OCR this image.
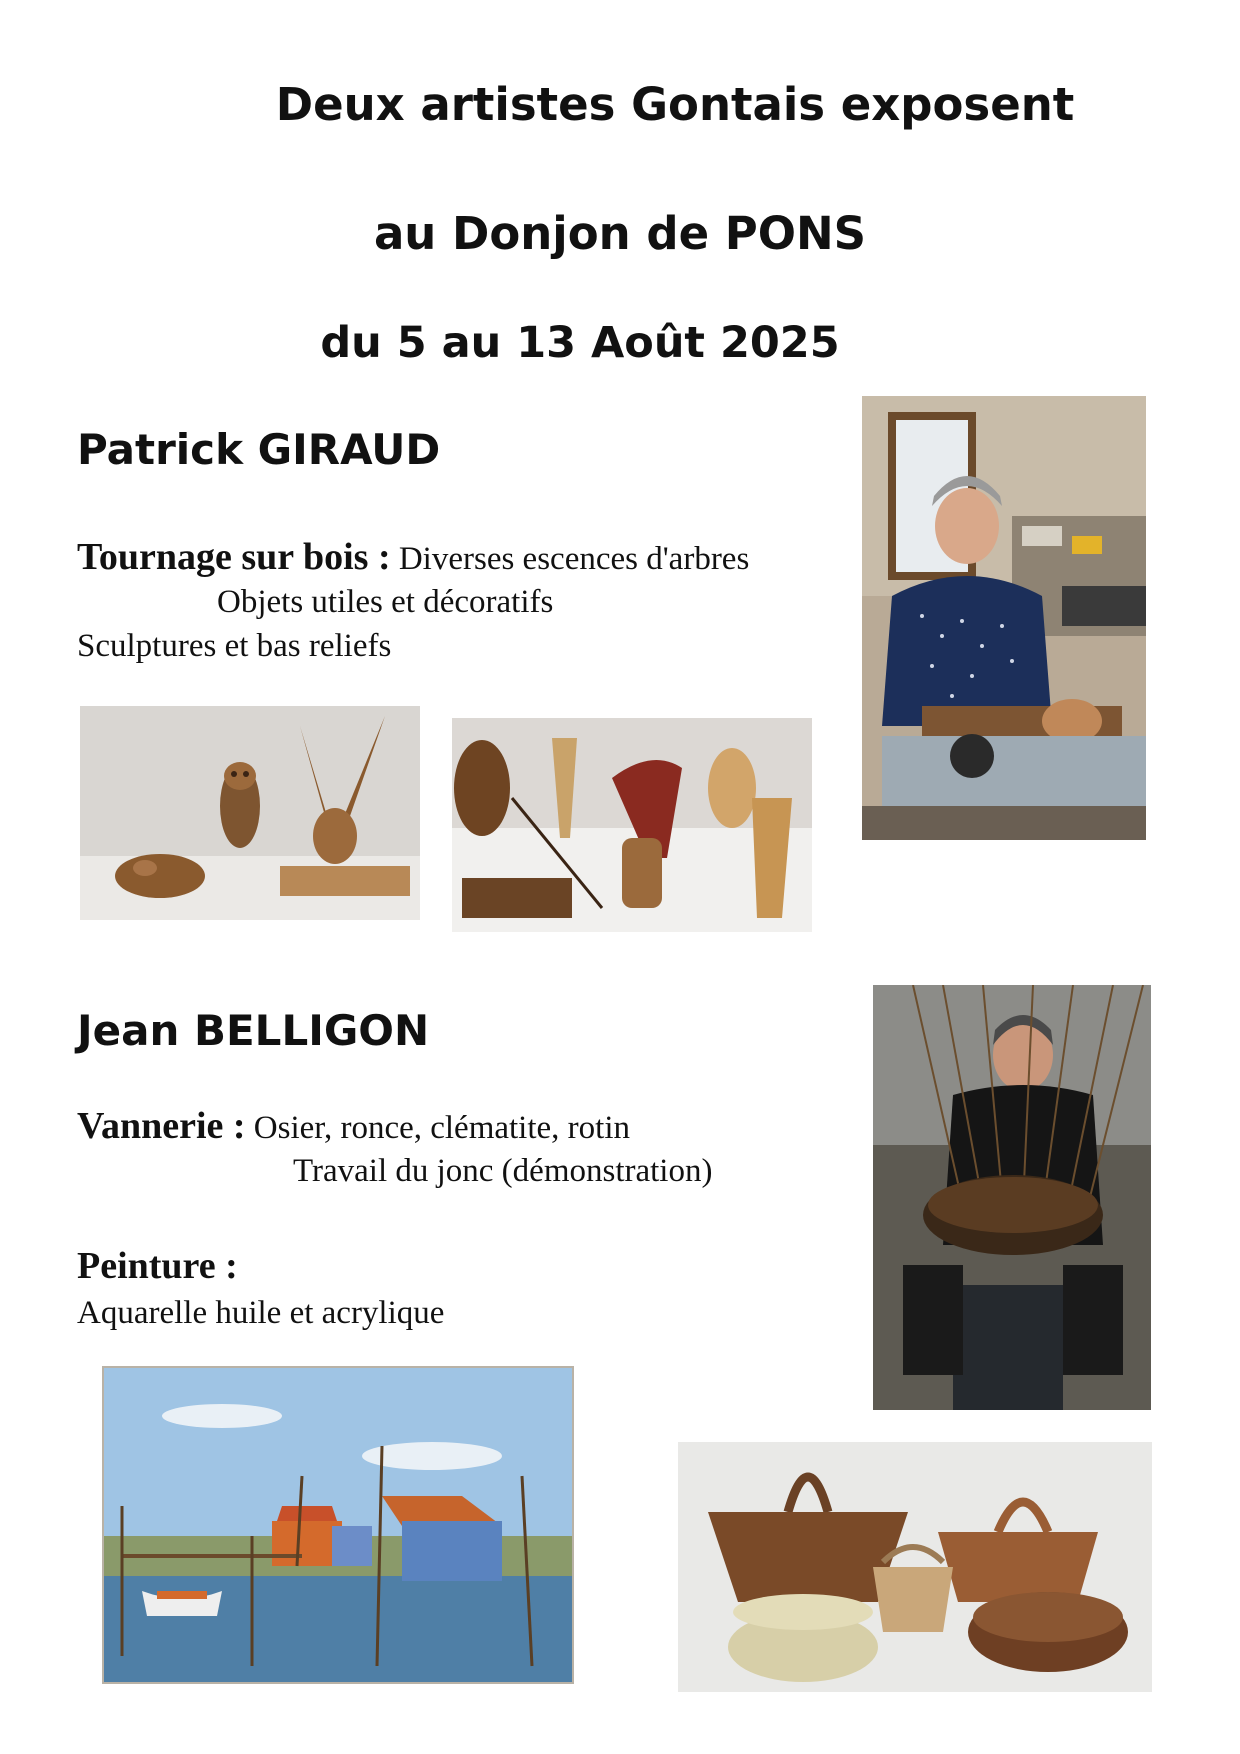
Deux artistes Gontais exposent
au Donjon de PONS
du 5 au 13 Août 2025
Patrick GIRAUD
Tournage sur bois : Diverses escences d'arbres
Objets utiles et décoratifs
Sculptures et bas reliefs
Jean BELLIGON
Vannerie : Osier, ronce, clématite, rotin
Travail du jonc (démonstration)
Peinture :
Aquarelle huile et acrylique
